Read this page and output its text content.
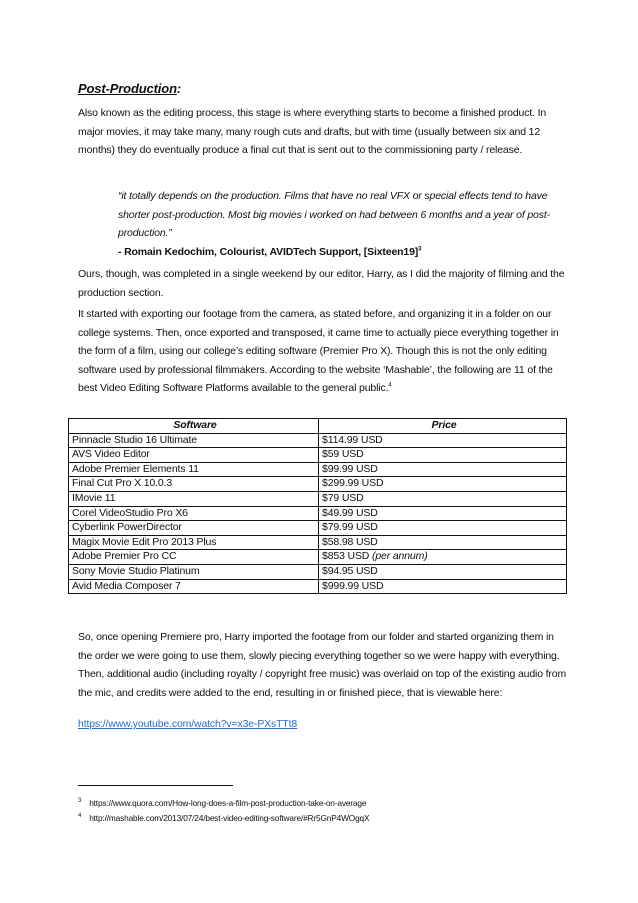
Post-Production:

Also known as the editing process, this stage is where everything starts to become a finished product. In major movies, it may take many, many rough cuts and drafts, but with time (usually between six and 12 months) they do eventually produce a final cut that is sent out to the commissioning party / release.

“it totally depends on the production. Films that have no real VFX or special effects tend to have shorter post-production. Most big movies i worked on had between 6 months and a year of post-production.”
- Romain Kedochim, Colourist, AVIDTech Support, [Sixteen19]$^3$

Ours, though, was completed in a single weekend by our editor, Harry, as I did the majority of filming and the production section.

It started with exporting our footage from the camera, as stated before, and organizing it in a folder on our college systems. Then, once exported and transposed, it came time to actually piece everything together in the form of a film, using our college’s editing software (Premier Pro X). Though this is not the only editing software used by professional filmmakers. According to the website ‘Mashable’, the following are 11 of the best Video Editing Software Platforms available to the general public.$^4$

Software	Price
Pinnacle Studio 16 Ultimate	$114.99 USD
AVS Video Editor	$59 USD
Adobe Premier Elements 11	$99.99 USD
Final Cut Pro X 10.0.3	$299.99 USD
IMovie 11	$79 USD
Corel VideoStudio Pro X6	$49.99 USD
Cyberlink PowerDirector	$79.99 USD
Magix Movie Edit Pro 2013 Plus	$58.98 USD
Adobe Premier Pro CC	$853 USD (per annum)
Sony Movie Studio Platinum	$94.95 USD
Avid Media Composer 7	$999.99 USD

So, once opening Premiere pro, Harry imported the footage from our folder and started organizing them in the order we were going to use them, slowly piecing everything together so we were happy with everything. Then, additional audio (including royalty / copyright free music) was overlaid on top of the existing audio from the mic, and credits were added to the end, resulting in or finished piece, that is viewable here:

https://www.youtube.com/watch?v=x3e-PXsTTt8
$^3$ https://www.quora.com/How-long-does-a-film-post-production-take-on-average
$^4$ http://mashable.com/2013/07/24/best-video-editing-software/#Rr5GnP4WOgqX
